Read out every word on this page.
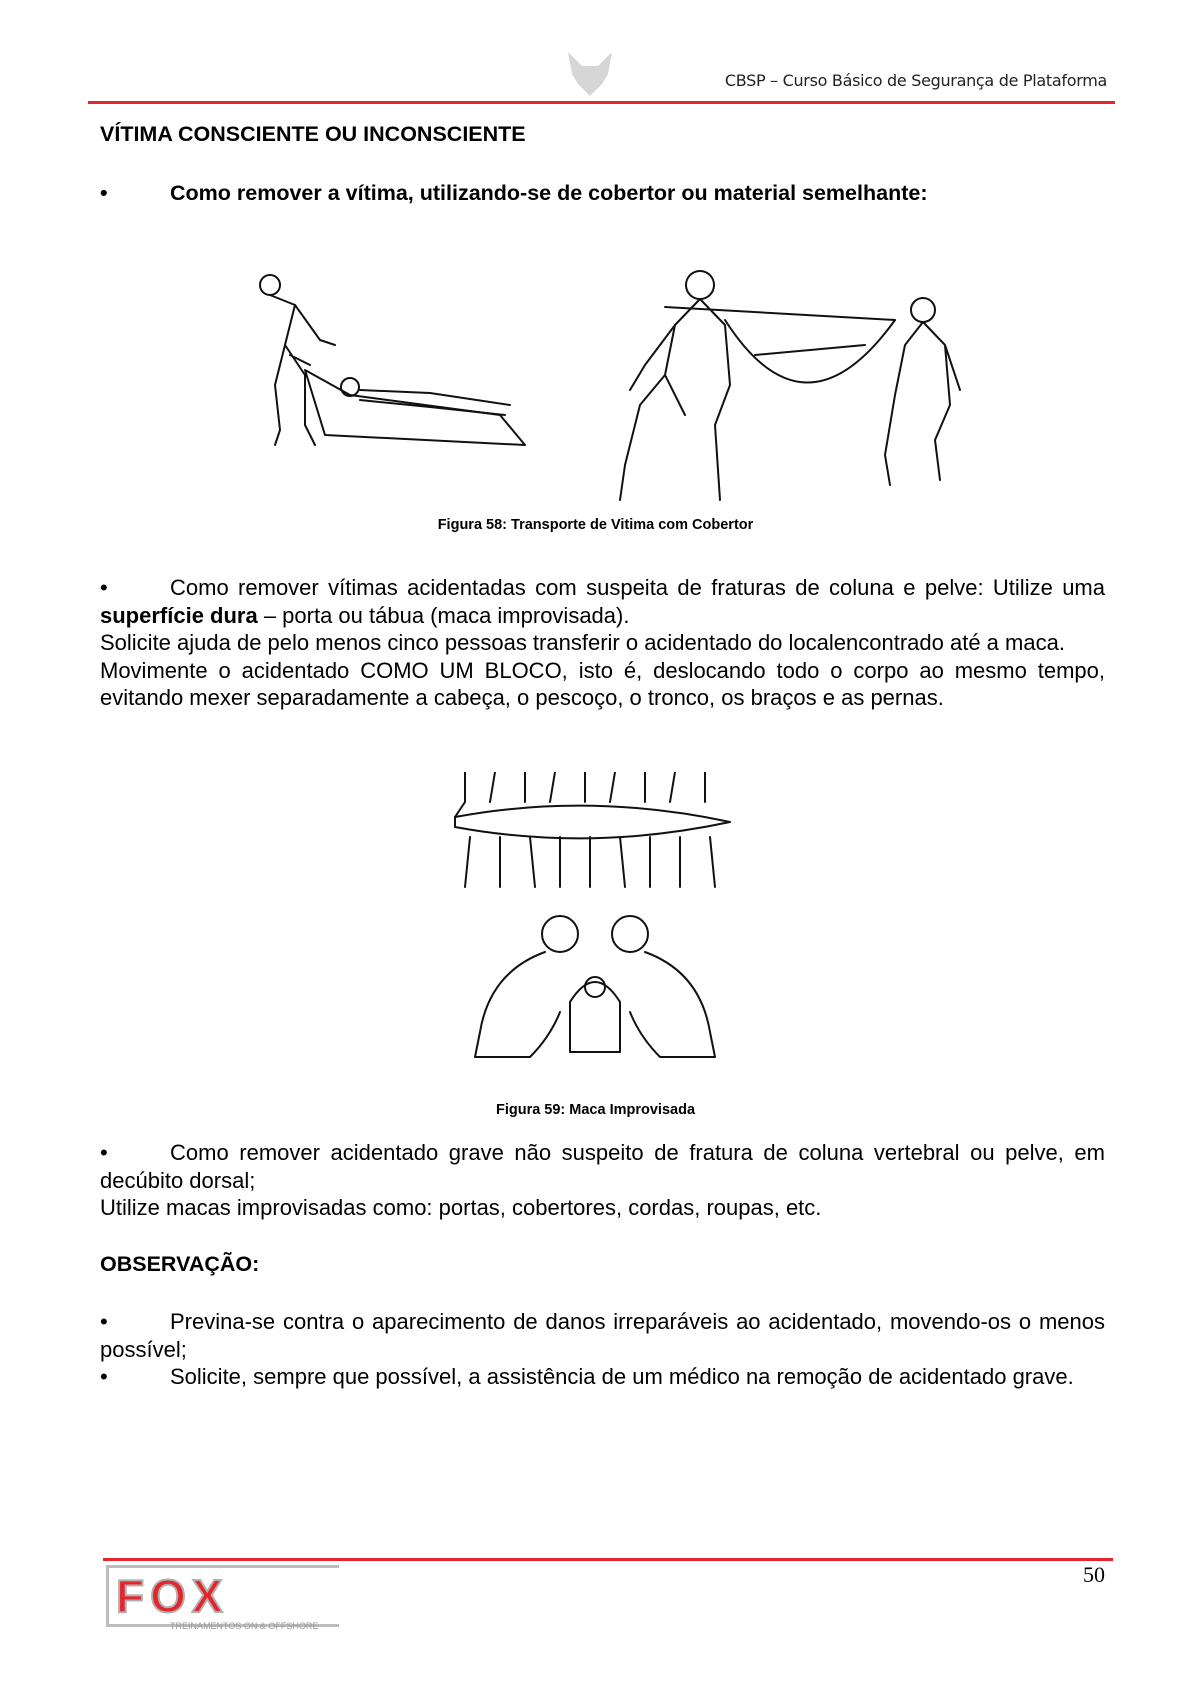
CBSP – Curso Básico de Segurança de Plataforma
VÍTIMA CONSCIENTE OU INCONSCIENTE
•	Como remover a vítima, utilizando-se de cobertor ou material semelhante:
Figura 58: Transporte de Vitima com Cobertor

•	Como remover vítimas acidentadas com suspeita de fraturas de coluna e pelve: Utilize uma superfície dura – porta ou tábua (maca improvisada).

Solicite ajuda de pelo menos cinco pessoas transferir o acidentado do localencontrado até a maca.

Movimente o acidentado COMO UM BLOCO, isto é, deslocando todo o corpo ao mesmo tempo, evitando mexer separadamente a cabeça, o pescoço, o tronco, os braços e as pernas.

Figura 59: Maca Improvisada

•	Como remover acidentado grave não suspeito de fratura de coluna vertebral ou pelve, em decúbito dorsal;

Utilize macas improvisadas como: portas, cobertores, cordas, roupas, etc.

OBSERVAÇÃO:

•	Previna-se contra o aparecimento de danos irreparáveis ao acidentado, movendo-os o menos possível;

•	Solicite, sempre que possível, a assistência de um médico na remoção de acidentado grave.

50
FOX
TREINAMENTOS ON & OFFSHORE
